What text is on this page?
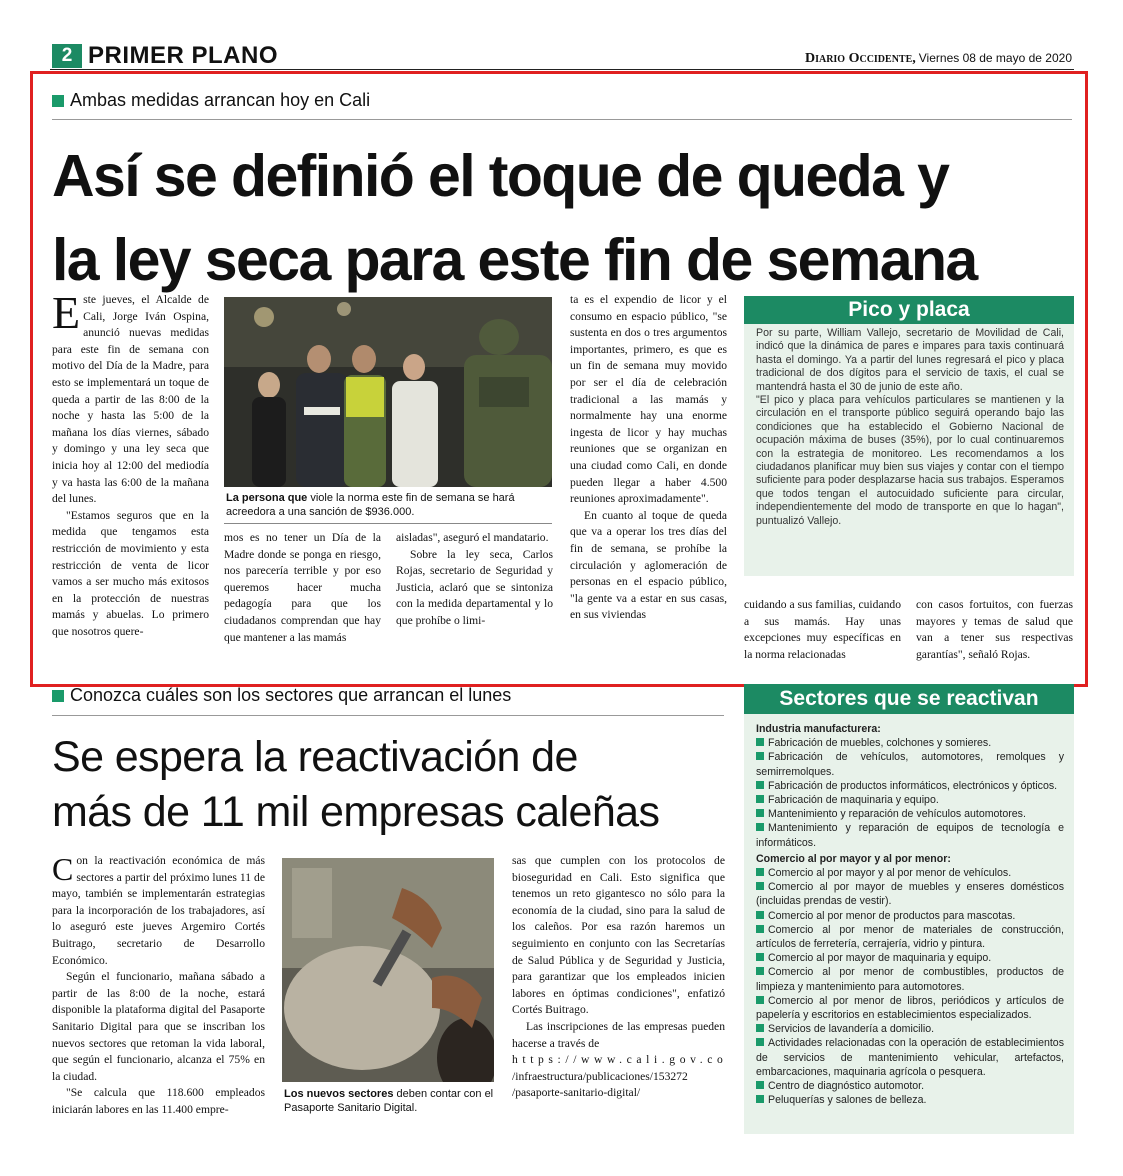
2 PRIMER PLANO	Diario Occidente, Viernes 08 de mayo de 2020
Ambas medidas arrancan hoy en Cali
Así se definió el toque de queda y
la ley seca para este fin de semana

Este jueves, el Alcalde de Cali, Jorge Iván Ospina, anunció nuevas medidas para este fin de semana con motivo del Día de la Madre, para esto se implementará un toque de queda a partir de las 8:00 de la noche y hasta las 5:00 de la mañana los días viernes, sábado y domingo y una ley seca que inicia hoy al 12:00 del mediodía y va hasta las 6:00 de la mañana del lunes.

"Estamos seguros que en la medida que tengamos esta restricción de movimiento y esta restricción de venta de licor vamos a ser mucho más exitosos en la protección de nuestras mamás y abuelas. Lo primero que nosotros quere-

La persona que viole la norma este fin de semana se hará acreedora a una sanción de $936.000.

mos es no tener un Día de la Madre donde se ponga en riesgo, nos parecería terrible y por eso queremos hacer mucha pedagogía para que los ciudadanos comprendan que hay que mantener a las mamás

aisladas", aseguró el mandatario.

Sobre la ley seca, Carlos Rojas, secretario de Seguridad y Justicia, aclaró que se sintoniza con la medida departamental y lo que prohíbe o limi-

ta es el expendio de licor y el consumo en espacio público, "se sustenta en dos o tres argumentos importantes, primero, es que es un fin de semana muy movido por ser el día de celebración tradicional a las mamás y normalmente hay una enorme ingesta de licor y hay muchas reuniones que se organizan en una ciudad como Cali, en donde pueden llegar a haber 4.500 reuniones aproximadamente".

En cuanto al toque de queda que va a operar los tres días del fin de semana, se prohíbe la circulación y aglomeración de personas en el espacio público, "la gente va a estar en sus casas, en sus viviendas

Pico y placa
Por su parte, William Vallejo, secretario de Movilidad de Cali, indicó que la dinámica de pares e impares para taxis continuará hasta el domingo. Ya a partir del lunes regresará el pico y placa tradicional de dos dígitos para el servicio de taxis, el cual se mantendrá hasta el 30 de junio de este año.
"El pico y placa para vehículos particulares se mantienen y la circulación en el transporte público seguirá operando bajo las condiciones que ha establecido el Gobierno Nacional de ocupación máxima de buses (35%), por lo cual continuaremos con la estrategia de monitoreo. Les recomendamos a los ciudadanos planificar muy bien sus viajes y contar con el tiempo suficiente para poder desplazarse hacia sus trabajos. Esperamos que todos tengan el autocuidado suficiente para circular, independientemente del modo de transporte en que lo hagan", puntualizó Vallejo.

cuidando a sus familias, cuidando a sus mamás. Hay unas excepciones muy específicas en la norma relacionadas

con casos fortuitos, con fuerzas mayores y temas de salud que van a tener sus respectivas garantías", señaló Rojas.

Conozca cuáles son los sectores que arrancan el lunes
Se espera la reactivación de
más de 11 mil empresas caleñas

Con la reactivación económica de más sectores a partir del próximo lunes 11 de mayo, también se implementarán estrategias para la incorporación de los trabajadores, así lo aseguró este jueves Argemiro Cortés Buitrago, secretario de Desarrollo Económico.

Según el funcionario, mañana sábado a partir de las 8:00 de la noche, estará disponible la plataforma digital del Pasaporte Sanitario Digital para que se inscriban los nuevos sectores que retoman la vida laboral, que según el funcionario, alcanza el 75% en la ciudad.

"Se calcula que 118.600 empleados iniciarán labores en las 11.400 empre-

Los nuevos sectores deben contar con el Pasaporte Sanitario Digital.

sas que cumplen con los protocolos de bioseguridad en Cali. Esto significa que tenemos un reto gigantesco no sólo para la economía de la ciudad, sino para la salud de los caleños. Por esa razón haremos un seguimiento en conjunto con las Secretarías de Salud Pública y de Seguridad y Justicia, para garantizar que los empleados inicien labores en óptimas condiciones", enfatizó Cortés Buitrago.

Las inscripciones de las empresas pueden hacerse a través de

https://www.cali.gov.co

/infraestructura/publicaciones/153272

/pasaporte-sanitario-digital/

Sectores que se reactivan
Industria manufacturera:
Fabricación de muebles, colchones y somieres.
Fabricación de vehículos, automotores, remolques y semirremolques.
Fabricación de productos informáticos, electrónicos y ópticos.
Fabricación de maquinaria y equipo.
Mantenimiento y reparación de vehículos automotores.
Mantenimiento y reparación de equipos de tecnología e informáticos.
Comercio al por mayor y al por menor:
Comercio al por mayor y al por menor de vehículos.
Comercio al por mayor de muebles y enseres domésticos (incluidas prendas de vestir).
Comercio al por menor de productos para mascotas.
Comercio al por menor de materiales de construcción, artículos de ferretería, cerrajería, vidrio y pintura.
Comercio al por mayor de maquinaria y equipo.
Comercio al por menor de combustibles, productos de limpieza y mantenimiento para automotores.
Comercio al por menor de libros, periódicos y artículos de papelería y escritorios en establecimientos especializados.
Servicios de lavandería a domicilio.
Actividades relacionadas con la operación de establecimientos de servicios de mantenimiento vehicular, artefactos, embarcaciones, maquinaria agrícola o pesquera.
Centro de diagnóstico automotor.
Peluquerías y salones de belleza.
